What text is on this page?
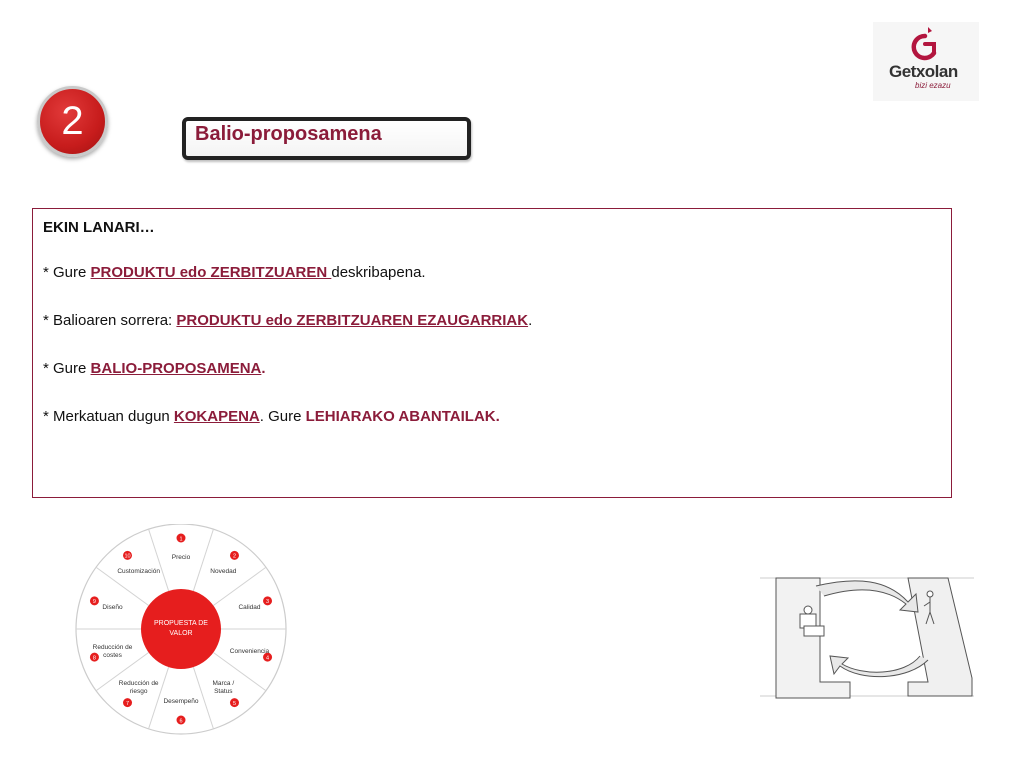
2	Balio-proposamena
Getxolan
bizi ezazu
EKIN LANARI…
* Gure PRODUKTU edo ZERBITZUAREN deskribapena.
* Balioaren sorrera: PRODUKTU edo ZERBITZUAREN EZAUGARRIAK.
* Gure BALIO-PROPOSAMENA.
* Merkatuan dugun KOKAPENA. Gure LEHIARAKO ABANTAILAK.
1
Precio	2
Novedad
3
Calidad
4
Conveniencia
5
Marca /
Status
6
Desempeño
7
Reducción de
riesgo
8
Reducción de
costes
9
Diseño
10
Customización
PROPUESTA DE
VALOR
